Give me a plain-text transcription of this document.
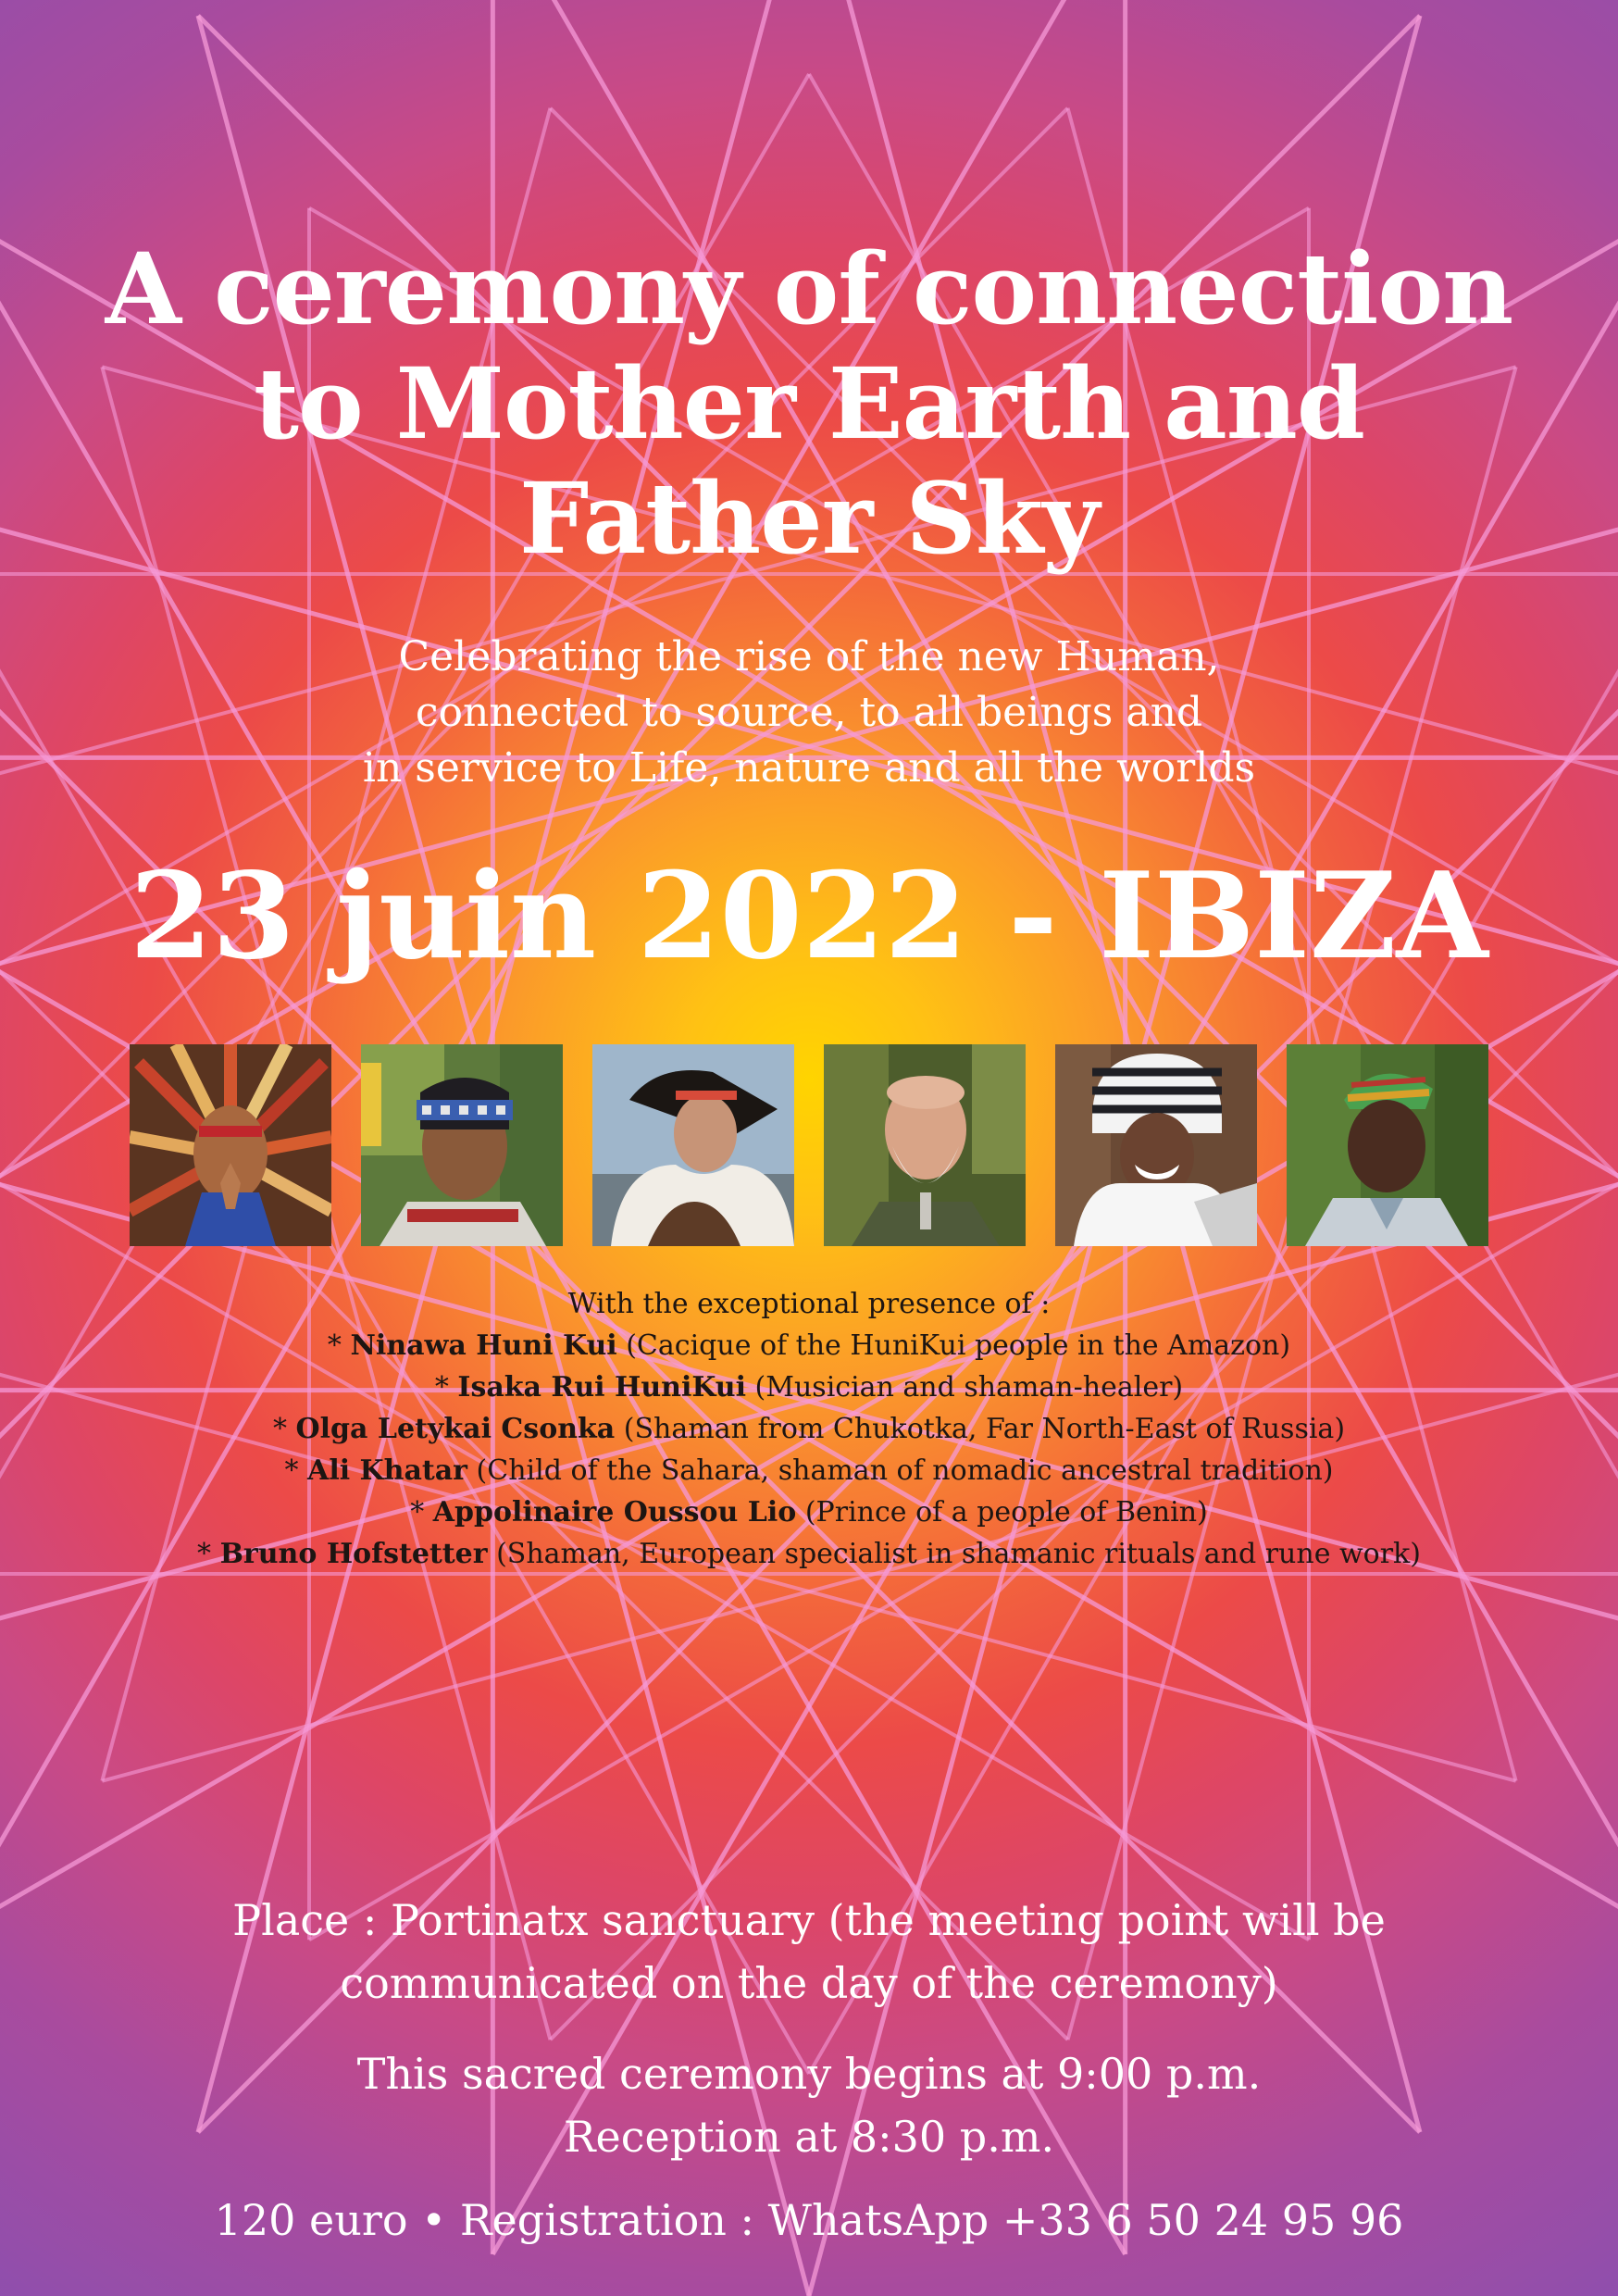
A ceremony of connection
to Mother Earth and
Father Sky
Celebrating the rise of the new Human,
connected to source, to all beings and
in service to Life, nature and all the worlds
23 juin 2022 - IBIZA
With the exceptional presence of :
* Ninawa Huni Kui (Cacique of the HuniKui people in the Amazon)
* Isaka Rui HuniKui (Musician and shaman-healer)
* Olga Letykai Csonka (Shaman from Chukotka, Far North-East of Russia)
* Ali Khatar (Child of the Sahara, shaman of nomadic ancestral tradition)
* Appolinaire Oussou Lio (Prince of a people of Benin)
* Bruno Hofstetter (Shaman, European specialist in shamanic rituals and rune work)
Place : Portinatx sanctuary (the meeting point will be
communicated on the day of the ceremony)
This sacred ceremony begins at 9:00 p.m.
Reception at 8:30 p.m.
120 euro • Registration : WhatsApp +33 6 50 24 95 96
